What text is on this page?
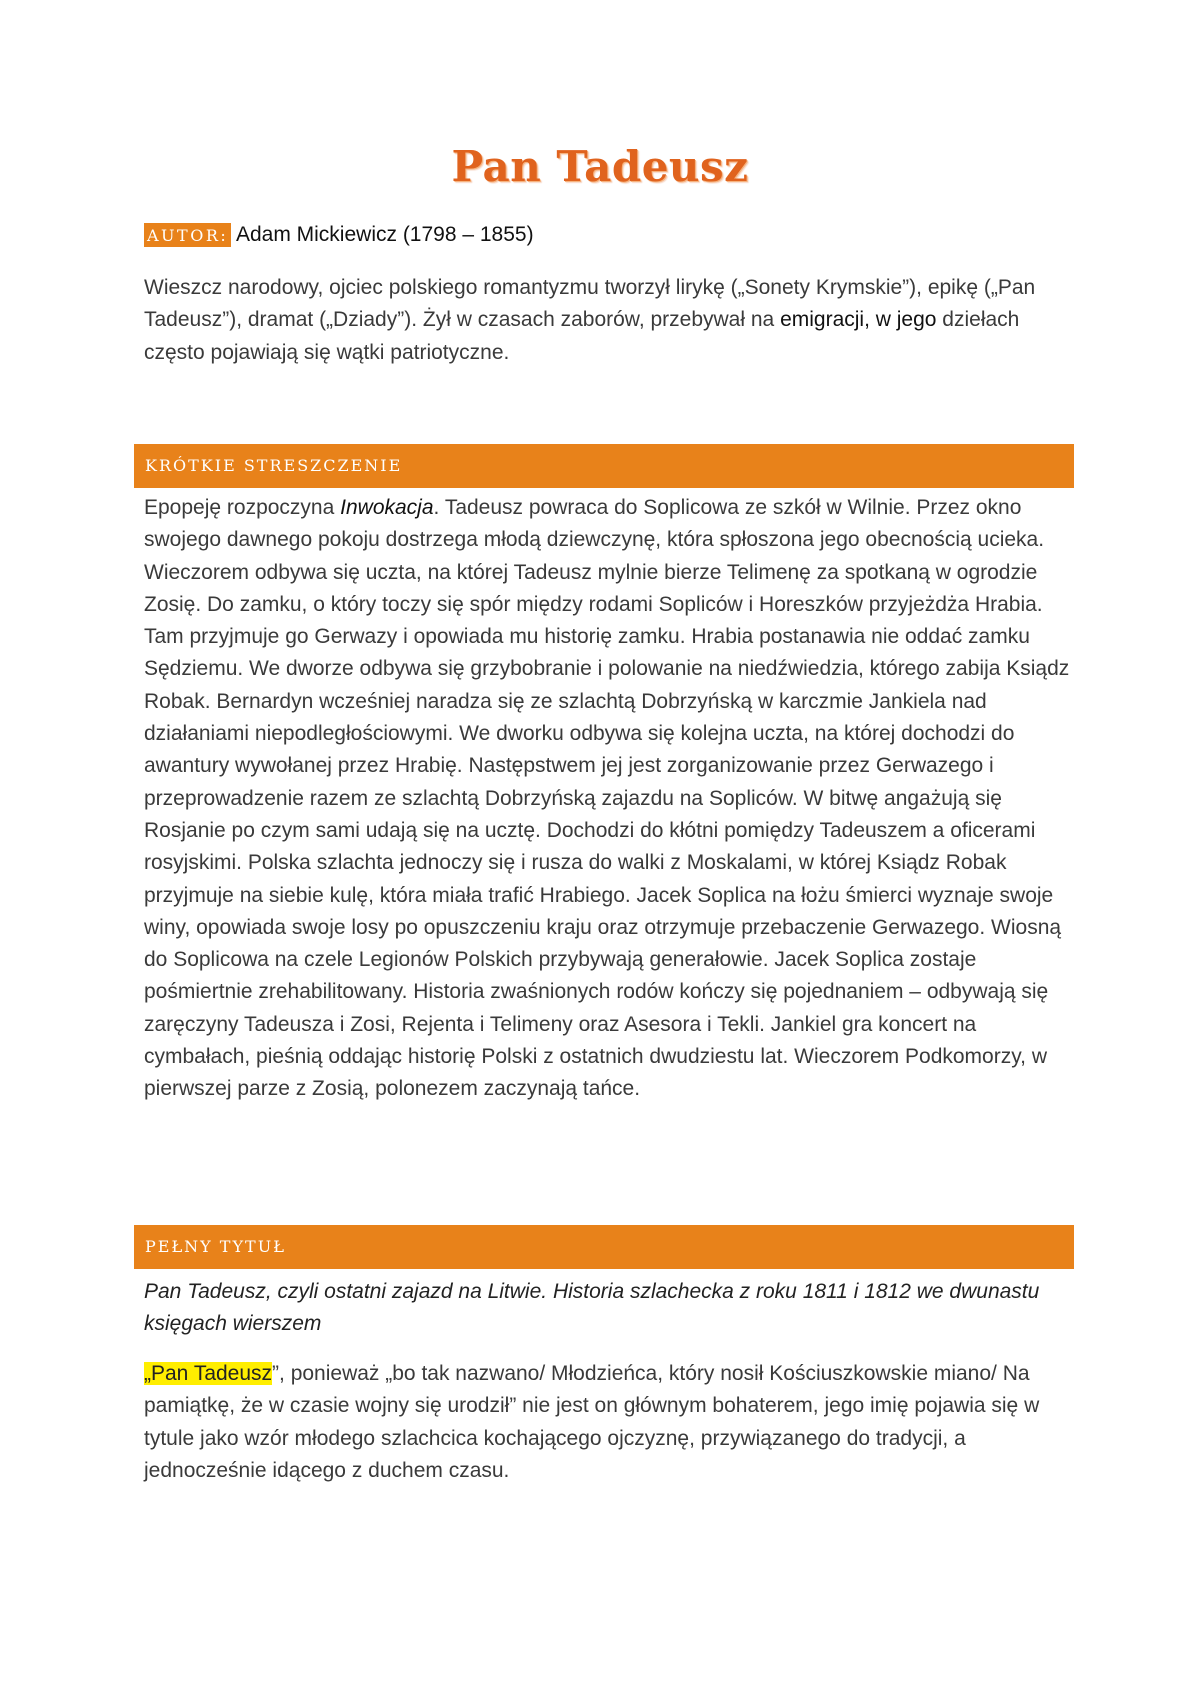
Pan Tadeusz
AUTOR: Adam Mickiewicz (1798 – 1855)

Wieszcz narodowy, ojciec polskiego romantyzmu tworzył lirykę („Sonety Krymskie”), epikę („Pan Tadeusz”), dramat („Dziady”). Żył w czasach zaborów, przebywał na emigracji, w jego dziełach często pojawiają się wątki patriotyczne.

KRÓTKIE STRESZCZENIE

Epopeję rozpoczyna Inwokacja. Tadeusz powraca do Soplicowa ze szkół w Wilnie. Przez okno swojego dawnego pokoju dostrzega młodą dziewczynę, która spłoszona jego obecnością ucieka. Wieczorem odbywa się uczta, na której Tadeusz mylnie bierze Telimenę za spotkaną w ogrodzie Zosię. Do zamku, o który toczy się spór między rodami Sopliców i Horeszków przyjeżdża Hrabia. Tam przyjmuje go Gerwazy i opowiada mu historię zamku. Hrabia postanawia nie oddać zamku Sędziemu. We dworze odbywa się grzybobranie i polowanie na niedźwiedzia, którego zabija Ksiądz Robak. Bernardyn wcześniej naradza się ze szlachtą Dobrzyńską w karczmie Jankiela nad działaniami niepodległościowymi. We dworku odbywa się kolejna uczta, na której dochodzi do awantury wywołanej przez Hrabię. Następstwem jej jest zorganizowanie przez Gerwazego i przeprowadzenie razem ze szlachtą Dobrzyńską zajazdu na Sopliców. W bitwę angażują się Rosjanie po czym sami udają się na ucztę. Dochodzi do kłótni pomiędzy Tadeuszem a oficerami rosyjskimi. Polska szlachta jednoczy się i rusza do walki z Moskalami, w której Ksiądz Robak przyjmuje na siebie kulę, która miała trafić Hrabiego. Jacek Soplica na łożu śmierci wyznaje swoje winy, opowiada swoje losy po opuszczeniu kraju oraz otrzymuje przebaczenie Gerwazego. Wiosną do Soplicowa na czele Legionów Polskich przybywają generałowie. Jacek Soplica zostaje pośmiertnie zrehabilitowany. Historia zwaśnionych rodów kończy się pojednaniem – odbywają się zaręczyny Tadeusza i Zosi, Rejenta i Telimeny oraz Asesora i Tekli. Jankiel gra koncert na cymbałach, pieśnią oddając historię Polski z ostatnich dwudziestu lat. Wieczorem Podkomorzy, w pierwszej parze z Zosią, polonezem zaczynają tańce.

PEŁNY TYTUŁ

Pan Tadeusz, czyli ostatni zajazd na Litwie. Historia szlachecka z roku 1811 i 1812 we dwunastu księgach wierszem

„Pan Tadeusz”, ponieważ „bo tak nazwano/ Młodzieńca, który nosił Kościuszkowskie miano/ Na pamiątkę, że w czasie wojny się urodził” nie jest on głównym bohaterem, jego imię pojawia się w tytule jako wzór młodego szlachcica kochającego ojczyznę, przywiązanego do tradycji, a jednocześnie idącego z duchem czasu.
